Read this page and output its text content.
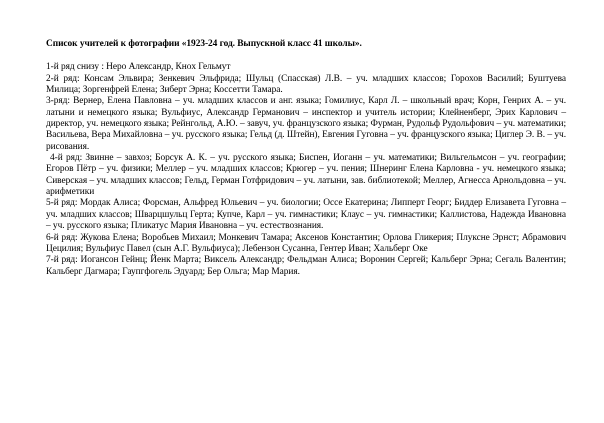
Список учителей к фотографии «1923-24 год. Выпускной класс 41 школы».

1-й ряд снизу : Неро Александр, Кноx Гельмут

2-й ряд: Консам Эльвира; Зенкевич Эльфрида; Шульц (Спасская) Л.В. – уч. младших классов; Горохов Василий; Буштуева Милица; Зоргенфрей Елена; Зиберт Эрна; Коссетти Тамара.

3-ряд: Вернер, Елена Павловна – уч. младших классов и анг. языка; Гомилиус, Карл Л. – школьный врач; Корн, Генрих А. – уч. латыни и немецкого языка; Вульфиус, Александр Германович – инспектор и учитель истории; Клейненберг, Эрих Карлович – директор, уч. немецкого языка; Рейнгольд, А.Ю. – завуч, уч. французского языка; Фурман, Рудольф Рудольфович – уч. математики; Васильева, Вера Михайловна – уч. русского языка; Гельд (д. Штейн), Евгения Гуговна – уч. французского языка; Циглер Э. В. – уч. рисования.

4-й ряд: Звинне – завхоз; Борсук А. К. – уч. русского языка; Биспен, Иоганн – уч. математики; Вильгельмсон – уч. географии; Егоров Пётр – уч. физики; Меллер – уч. младших классов; Крюгер – уч. пения; Шнеринг Елена Карловна - уч. немецкого языка; Сиверская – уч. младших классов; Гельд, Герман Готфридович – уч. латыни, зав. библиотекой; Меллер, Агнесса Арнольдовна – уч. арифметики

5-й ряд: Мордак Алиса; Форсман, Альфред Юльевич – уч. биологии; Оссе Екатерина; Липперт Георг; Биддер Елизавета Гуговна – уч. младших классов; Шварцшульц Герта; Купче, Карл – уч. гимнастики; Клаус – уч. гимнастики; Каллистова, Надежда Ивановна – уч. русского языка; Пликатус Мария Ивановна – уч. естествознания.

6-й ряд: Жукова Елена; Воробьев Михаил; Монкевич Тамара; Аксенов Константин; Орлова Гликерия; Плуксне Эрнст; Абрамович Цецилия; Вульфиус Павел (сын А.Г. Вульфиуса); Лебензон Сусанна, Гентер Иван; Хальберг Оке

7-й ряд: Иогансон Гейнц; Йенк Марта; Виксель Александр; Фельдман Алиса; Воронин Сергей; Кальберг Эрна; Сегаль Валентин; Кальберг Дагмара; Гаупгфогель Эдуард; Бер Ольга; Мар Мария.
